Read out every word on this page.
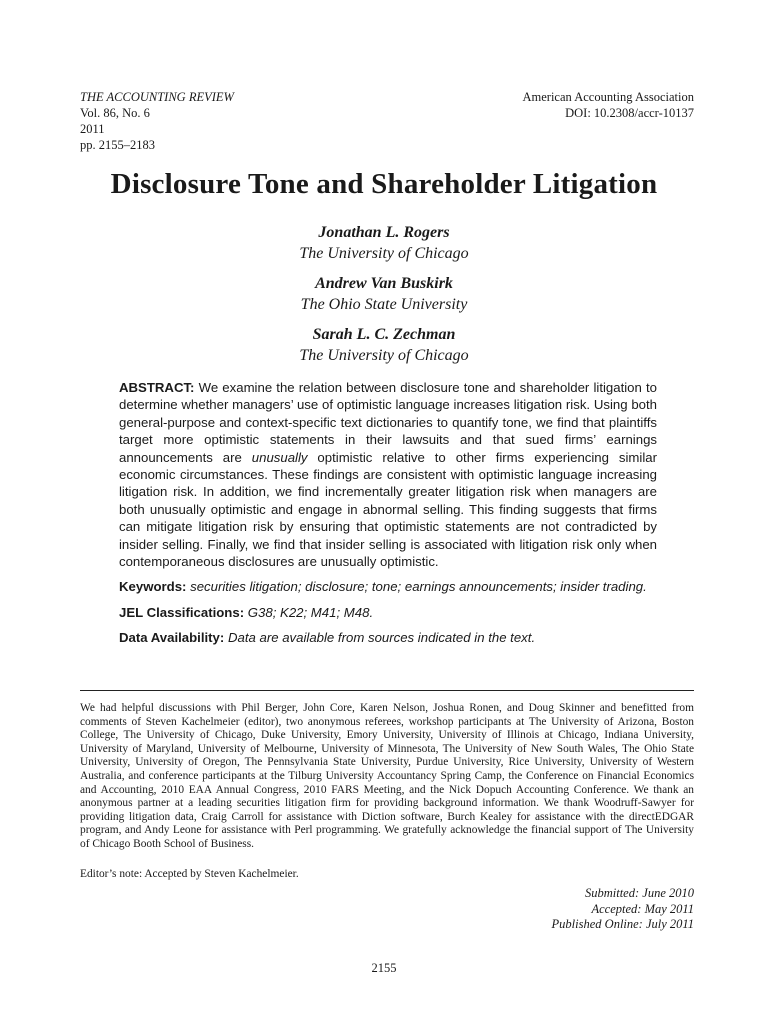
THE ACCOUNTING REVIEW
Vol. 86, No. 6
2011
pp. 2155–2183
American Accounting Association
DOI: 10.2308/accr-10137
Disclosure Tone and Shareholder Litigation
Jonathan L. Rogers
The University of Chicago
Andrew Van Buskirk
The Ohio State University
Sarah L. C. Zechman
The University of Chicago
ABSTRACT: We examine the relation between disclosure tone and shareholder litigation to determine whether managers’ use of optimistic language increases litigation risk. Using both general-purpose and context-specific text dictionaries to quantify tone, we find that plaintiffs target more optimistic statements in their lawsuits and that sued firms’ earnings announcements are unusually optimistic relative to other firms experiencing similar economic circumstances. These findings are consistent with optimistic language increasing litigation risk. In addition, we find incrementally greater litigation risk when managers are both unusually optimistic and engage in abnormal selling. This finding suggests that firms can mitigate litigation risk by ensuring that optimistic statements are not contradicted by insider selling. Finally, we find that insider selling is associated with litigation risk only when contemporaneous disclosures are unusually optimistic.
Keywords:
securities litigation; disclosure; tone; earnings announcements; insider trading.
JEL Classifications: G38; K22; M41; M48.
Data Availability: Data are available from sources indicated in the text.
We had helpful discussions with Phil Berger, John Core, Karen Nelson, Joshua Ronen, and Doug Skinner and benefitted from comments of Steven Kachelmeier (editor), two anonymous referees, workshop participants at The University of Arizona, Boston College, The University of Chicago, Duke University, Emory University, University of Illinois at Chicago, Indiana University, University of Maryland, University of Melbourne, University of Minnesota, The University of New South Wales, The Ohio State University, University of Oregon, The Pennsylvania State University, Purdue University, Rice University, University of Western Australia, and conference participants at the Tilburg University Accountancy Spring Camp, the Conference on Financial Economics and Accounting, 2010 EAA Annual Congress, 2010 FARS Meeting, and the Nick Dopuch Accounting Conference. We thank an anonymous partner at a leading securities litigation firm for providing background information. We thank Woodruff-Sawyer for providing litigation data, Craig Carroll for assistance with Diction software, Burch Kealey for assistance with the directEDGAR program, and Andy Leone for assistance with Perl programming. We gratefully acknowledge the financial support of The University of Chicago Booth School of Business.
Editor’s note: Accepted by Steven Kachelmeier.
Submitted: June 2010
Accepted: May 2011
Published Online: July 2011
2155
